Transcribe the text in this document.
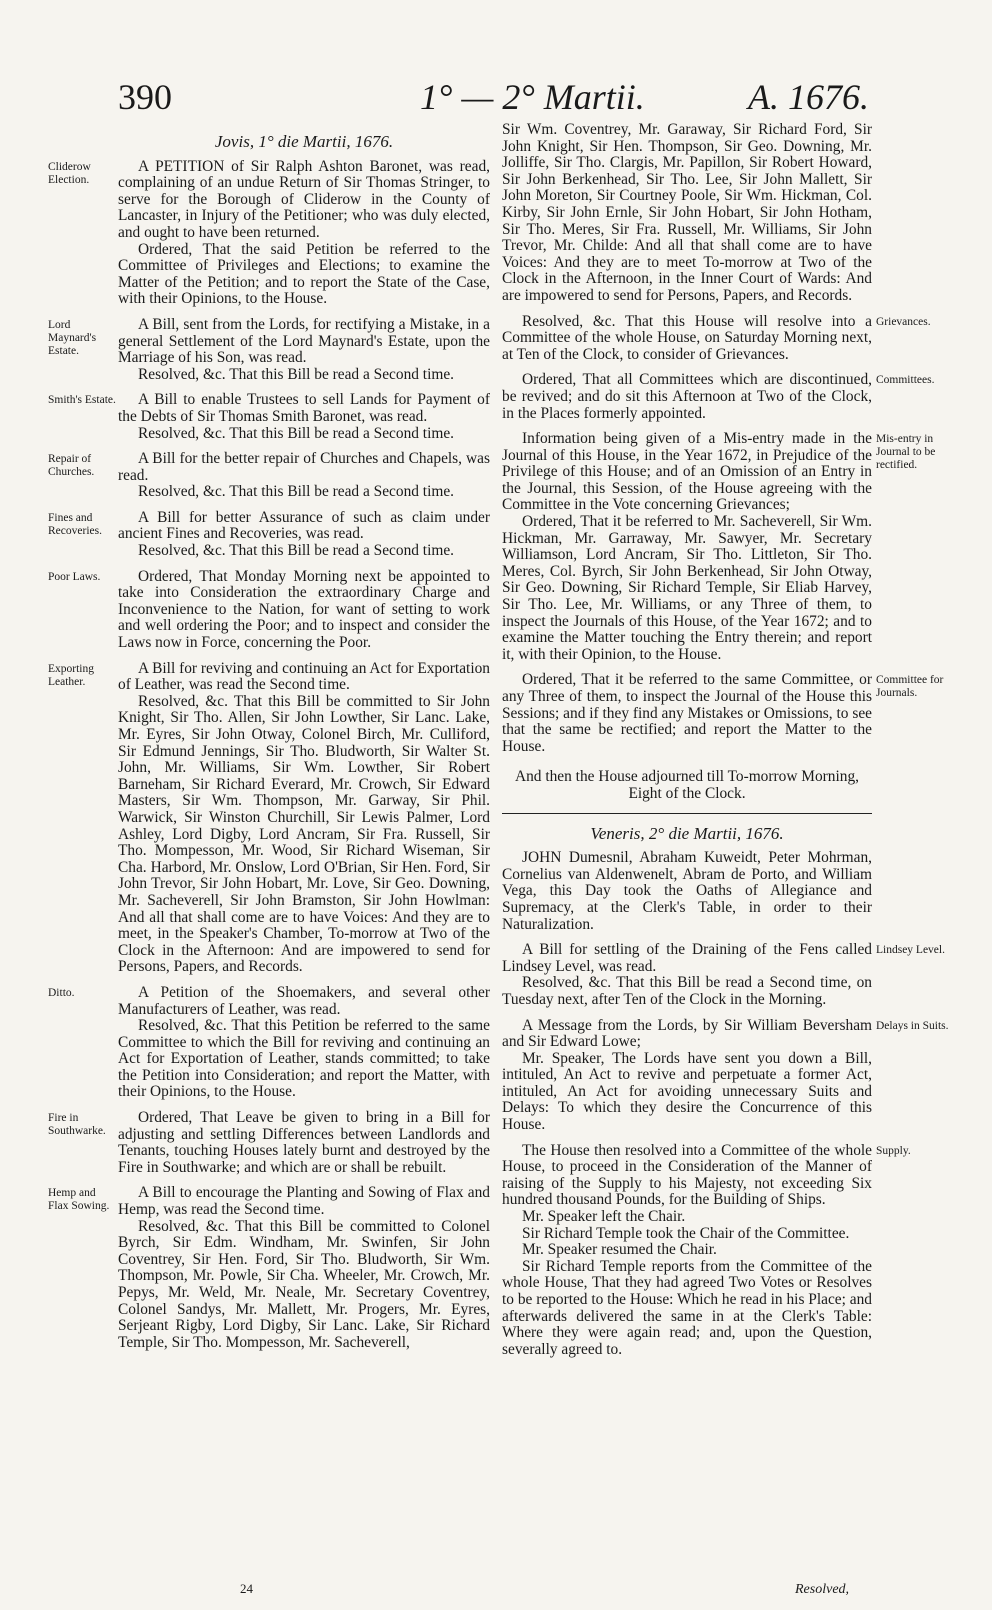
390	1° — 2° Martii.	A. 1676.
Jovis, 1° die Martii, 1676.

A PETITION of Sir Ralph Ashton Baronet, was read, complaining of an undue Return of Sir Thomas Stringer, to serve for the Borough of Cliderow in the County of Lancaster, in Injury of the Petitioner; who was duly elected, and ought to have been returned.

Ordered, That the said Petition be referred to the Committee of Privileges and Elections; to examine the Matter of the Petition; and to report the State of the Case, with their Opinions, to the House.

A Bill, sent from the Lords, for rectifying a Mistake, in a general Settlement of the Lord Maynard's Estate, upon the Marriage of his Son, was read.

Resolved, &c. That this Bill be read a Second time.

A Bill to enable Trustees to sell Lands for Payment of the Debts of Sir Thomas Smith Baronet, was read.

Resolved, &c. That this Bill be read a Second time.

A Bill for the better repair of Churches and Chapels, was read.

Resolved, &c. That this Bill be read a Second time.

A Bill for better Assurance of such as claim under ancient Fines and Recoveries, was read.

Resolved, &c. That this Bill be read a Second time.

Ordered, That Monday Morning next be appointed to take into Consideration the extraordinary Charge and Inconvenience to the Nation, for want of setting to work and well ordering the Poor; and to inspect and consider the Laws now in Force, concerning the Poor.

A Bill for reviving and continuing an Act for Exportation of Leather, was read the Second time.

Resolved, &c. That this Bill be committed to Sir John Knight, Sir Tho. Allen, Sir John Lowther, Sir Lanc. Lake, Mr. Eyres, Sir John Otway, Colonel Birch, Mr. Culliford, Sir Edmund Jennings, Sir Tho. Bludworth, Sir Walter St. John, Mr. Williams, Sir Wm. Lowther, Sir Robert Barneham, Sir Richard Everard, Mr. Crowch, Sir Edward Masters, Sir Wm. Thompson, Mr. Garway, Sir Phil. Warwick, Sir Winston Churchill, Sir Lewis Palmer, Lord Ashley, Lord Digby, Lord Ancram, Sir Fra. Russell, Sir Tho. Mompesson, Mr. Wood, Sir Richard Wiseman, Sir Cha. Harbord, Mr. Onslow, Lord O'Brian, Sir Hen. Ford, Sir John Trevor, Sir John Hobart, Mr. Love, Sir Geo. Downing, Mr. Sacheverell, Sir John Bramston, Sir John Howlman: And all that shall come are to have Voices: And they are to meet, in the Speaker's Chamber, To-morrow at Two of the Clock in the Afternoon: And are impowered to send for Persons, Papers, and Records.

A Petition of the Shoemakers, and several other Manufacturers of Leather, was read.

Resolved, &c. That this Petition be referred to the same Committee to which the Bill for reviving and continuing an Act for Exportation of Leather, stands committed; to take the Petition into Consideration; and report the Matter, with their Opinions, to the House.

Ordered, That Leave be given to bring in a Bill for adjusting and settling Differences between Landlords and Tenants, touching Houses lately burnt and destroyed by the Fire in Southwarke; and which are or shall be rebuilt.

A Bill to encourage the Planting and Sowing of Flax and Hemp, was read the Second time.

Resolved, &c. That this Bill be committed to Colonel Byrch, Sir Edm. Windham, Mr. Swinfen, Sir John Coventrey, Sir Hen. Ford, Sir Tho. Bludworth, Sir Wm. Thompson, Mr. Powle, Sir Cha. Wheeler, Mr. Crowch, Mr. Pepys, Mr. Weld, Mr. Neale, Mr. Secretary Coventrey, Colonel Sandys, Mr. Mallett, Mr. Progers, Mr. Eyres, Serjeant Rigby, Lord Digby, Sir Lanc. Lake, Sir Richard Temple, Sir Tho. Mompesson, Mr. Sacheverell,

Sir Wm. Coventrey, Mr. Garaway, Sir Richard Ford, Sir John Knight, Sir Hen. Thompson, Sir Geo. Downing, Mr. Jolliffe, Sir Tho. Clargis, Mr. Papillon, Sir Robert Howard, Sir John Berkenhead, Sir Tho. Lee, Sir John Mallett, Sir John Moreton, Sir Courtney Poole, Sir Wm. Hickman, Col. Kirby, Sir John Ernle, Sir John Hobart, Sir John Hotham, Sir Tho. Meres, Sir Fra. Russell, Mr. Williams, Sir John Trevor, Mr. Childe: And all that shall come are to have Voices: And they are to meet To-morrow at Two of the Clock in the Afternoon, in the Inner Court of Wards: And are impowered to send for Persons, Papers, and Records.

Resolved, &c. That this House will resolve into a Committee of the whole House, on Saturday Morning next, at Ten of the Clock, to consider of Grievances.

Ordered, That all Committees which are discontinued, be revived; and do sit this Afternoon at Two of the Clock, in the Places formerly appointed.

Information being given of a Mis-entry made in the Journal of this House, in the Year 1672, in Prejudice of the Privilege of this House; and of an Omission of an Entry in the Journal, this Session, of the House agreeing with the Committee in the Vote concerning Grievances;

Ordered, That it be referred to Mr. Sacheverell, Sir Wm. Hickman, Mr. Garraway, Mr. Sawyer, Mr. Secretary Williamson, Lord Ancram, Sir Tho. Littleton, Sir Tho. Meres, Col. Byrch, Sir John Berkenhead, Sir John Otway, Sir Geo. Downing, Sir Richard Temple, Sir Eliab Harvey, Sir Tho. Lee, Mr. Williams, or any Three of them, to inspect the Journals of this House, of the Year 1672; and to examine the Matter touching the Entry therein; and report it, with their Opinion, to the House.

Ordered, That it be referred to the same Committee, or any Three of them, to inspect the Journal of the House this Sessions; and if they find any Mistakes or Omissions, to see that the same be rectified; and report the Matter to the House.

And then the House adjourned till To-morrow Morning, Eight of the Clock.
Veneris, 2° die Martii, 1676.

JOHN Dumesnil, Abraham Kuweidt, Peter Mohrman, Cornelius van Aldenwenelt, Abram de Porto, and William Vega, this Day took the Oaths of Allegiance and Supremacy, at the Clerk's Table, in order to their Naturalization.

A Bill for settling of the Draining of the Fens called Lindsey Level, was read.

Resolved, &c. That this Bill be read a Second time, on Tuesday next, after Ten of the Clock in the Morning.

A Message from the Lords, by Sir William Beversham and Sir Edward Lowe;

Mr. Speaker, The Lords have sent you down a Bill, intituled, An Act to revive and perpetuate a former Act, intituled, An Act for avoiding unnecessary Suits and Delays: To which they desire the Concurrence of this House.

The House then resolved into a Committee of the whole House, to proceed in the Consideration of the Manner of raising of the Supply to his Majesty, not exceeding Six hundred thousand Pounds, for the Building of Ships.

Mr. Speaker left the Chair.

Sir Richard Temple took the Chair of the Committee.

Mr. Speaker resumed the Chair.

Sir Richard Temple reports from the Committee of the whole House, That they had agreed Two Votes or Resolves to be reported to the House: Which he read in his Place; and afterwards delivered the same in at the Clerk's Table: Where they were again read; and, upon the Question, severally agreed to.

24	Resolved,
Cliderow Election.
Lord Maynard's Estate.
Smith's Estate.
Repair of Churches.
Fines and Recoveries.
Poor Laws.
Exporting Leather.
Ditto.
Fire in Southwarke.
Hemp and Flax Sowing.
Grievances.
Committees.
Mis-entry in Journal to be rectified.
Committee for Journals.
Lindsey Level.
Delays in Suits.
Supply.
